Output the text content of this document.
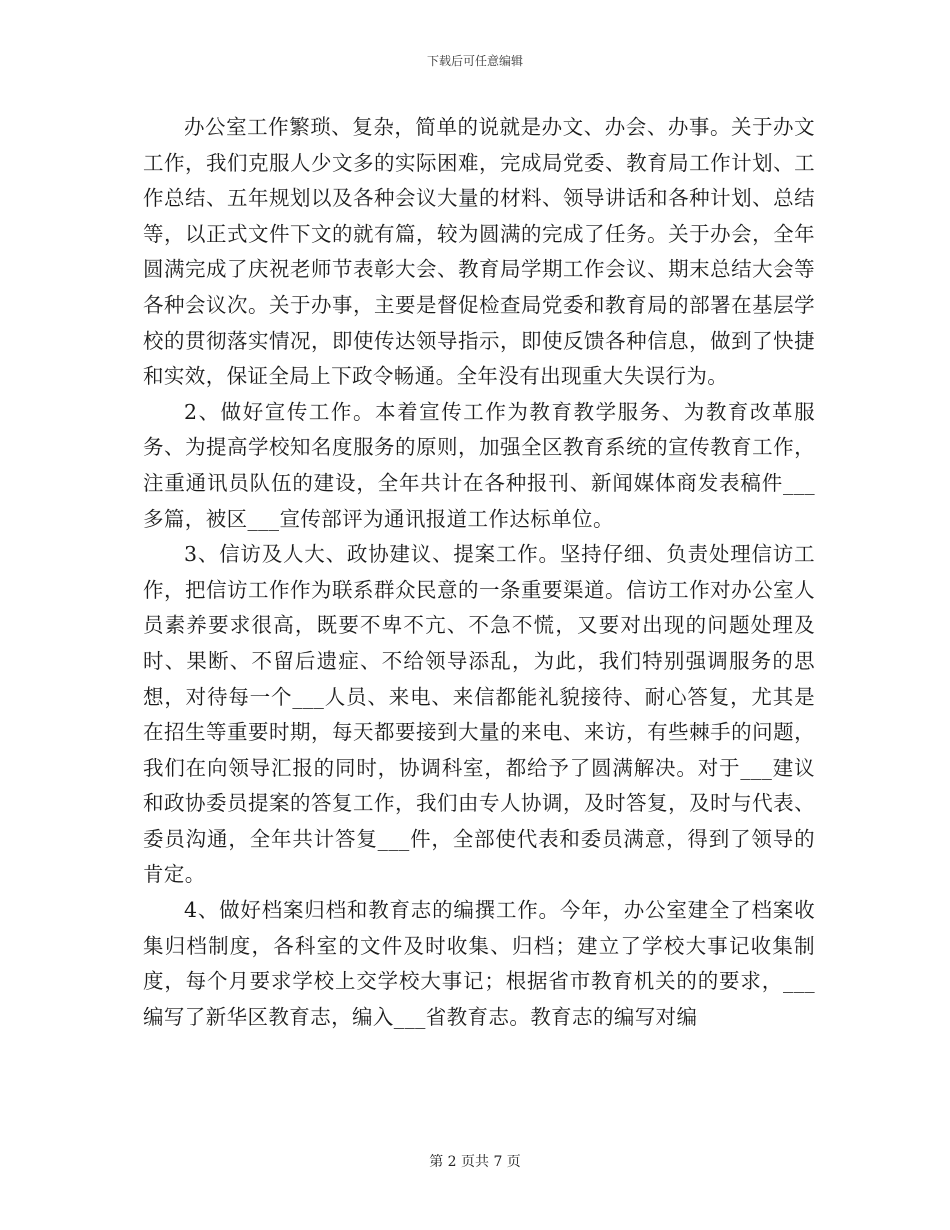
下载后可任意编辑

办公室工作繁琐、复杂，简单的说就是办文、办会、办事。关于办文工作，我们克服人少文多的实际困难，完成局党委、教育局工作计划、工作总结、五年规划以及各种会议大量的材料、领导讲话和各种计划、总结等，以正式文件下文的就有篇，较为圆满的完成了任务。关于办会，全年圆满完成了庆祝老师节表彰大会、教育局学期工作会议、期末总结大会等各种会议次。关于办事，主要是督促检查局党委和教育局的部署在基层学校的贯彻落实情况，即使传达领导指示，即使反馈各种信息，做到了快捷和实效，保证全局上下政令畅通。全年没有出现重大失误行为。

2、做好宣传工作。本着宣传工作为教育教学服务、为教育改革服务、为提高学校知名度服务的原则，加强全区教育系统的宣传教育工作，注重通讯员队伍的建设，全年共计在各种报刊、新闻媒体商发表稿件___多篇，被区___宣传部评为通讯报道工作达标单位。

3、信访及人大、政协建议、提案工作。坚持仔细、负责处理信访工作，把信访工作作为联系群众民意的一条重要渠道。信访工作对办公室人员素养要求很高，既要不卑不亢、不急不慌，又要对出现的问题处理及时、果断、不留后遗症、不给领导添乱，为此，我们特别强调服务的思想，对待每一个___人员、来电、来信都能礼貌接待、耐心答复，尤其是在招生等重要时期，每天都要接到大量的来电、来访，有些棘手的问题，我们在向领导汇报的同时，协调科室，都给予了圆满解决。对于___建议和政协委员提案的答复工作，我们由专人协调，及时答复，及时与代表、委员沟通，全年共计答复___件，全部使代表和委员满意，得到了领导的肯定。

4、做好档案归档和教育志的编撰工作。今年，办公室建全了档案收集归档制度，各科室的文件及时收集、归档；建立了学校大事记收集制度，每个月要求学校上交学校大事记；根据省市教育机关的的要求，___编写了新华区教育志，编入___省教育志。教育志的编写对编

第 2 页共 7 页
